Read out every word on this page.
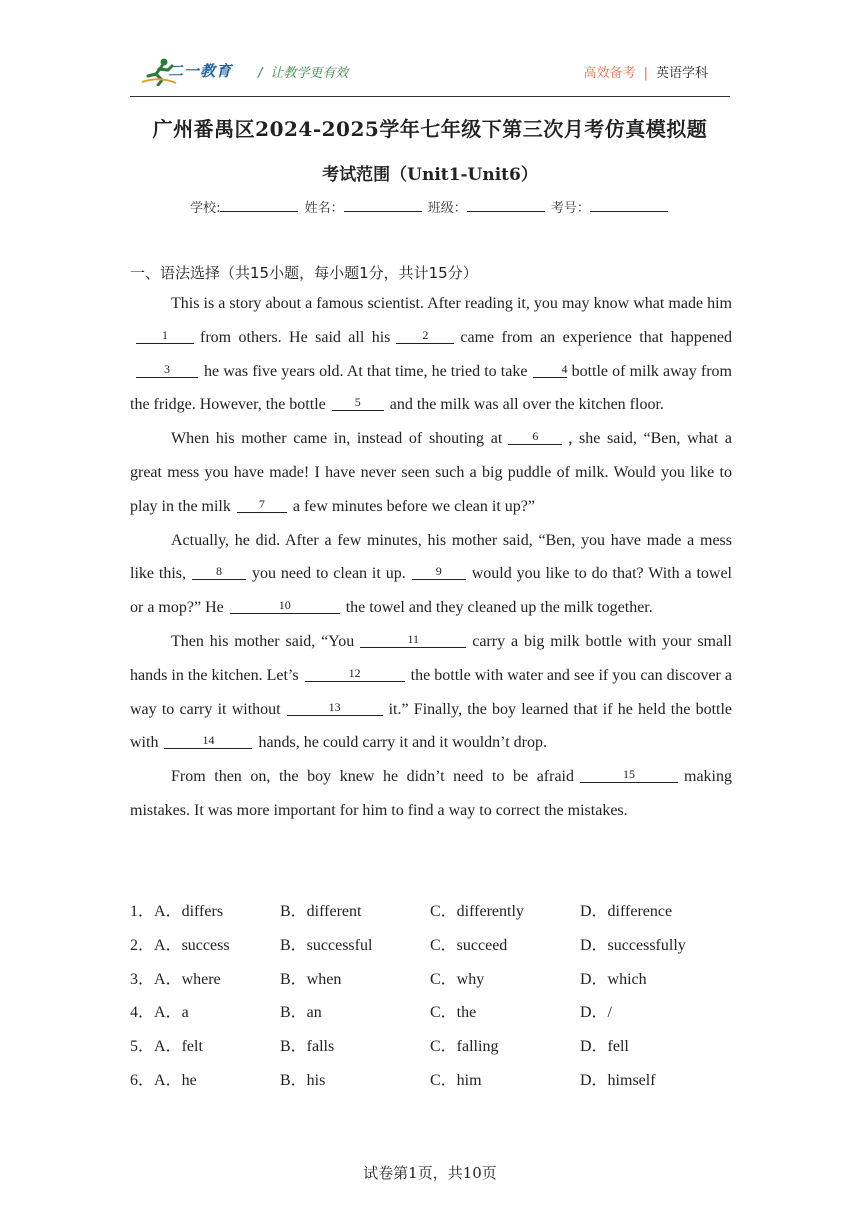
二一教育 / 让教学更有效	高效备考 | 英语学科
广州番禺区2024-2025学年七年级下第三次月考仿真模拟题
考试范围（Unit1-Unit6）
学校:	姓名：	班级：	考号：
一、语法选择（共15小题，每小题1分，共计15分）

This is a story about a famous scientist. After reading it, you may know what made him1 from others. He said all his	2 came from an experience that happened3 he was five years old. At that time, he tried to take	4 bottle of milk away from the fridge. However, the bottle 5 and the milk was all over the kitchen floor.

When his mother came in, instead of shouting at	6 , she said, “Ben, what a great mess you have made! I have never seen such a big puddle of milk. Would you like to play in the milk 7 a few minutes before we clean it up?”

Actually, he did. After a few minutes, his mother said, “Ben, you have made a mess like this,	8 you need to clean it up.	9 would you like to do that? With a towel or a mop?” He	10	the towel and they cleaned up the milk together.

Then his mother said, “You	11	carry a big milk bottle with your small hands in the kitchen. Let’s	12	the bottle with water and see if you can discover a way to carry it without	13	it.” Finally, the boy learned that if he held the bottle with	14	hands, he could carry it and it wouldn’t drop.

From then on, the boy knew he didn’t need to be afraid	15	making mistakes. It was more important for him to find a way to correct the mistakes.

1．A．differs	B．different	C．differently	D．difference
2．A．success	B．successful	C．succeed	D．successfully
3．A．where	B．when	C．why	D．which
4．A．a	B．an	C．the	D．/
5．A．felt	B．falls	C．falling	D．fell
6．A．he	B．his	C．him	D．himself
试卷第1页，共10页
